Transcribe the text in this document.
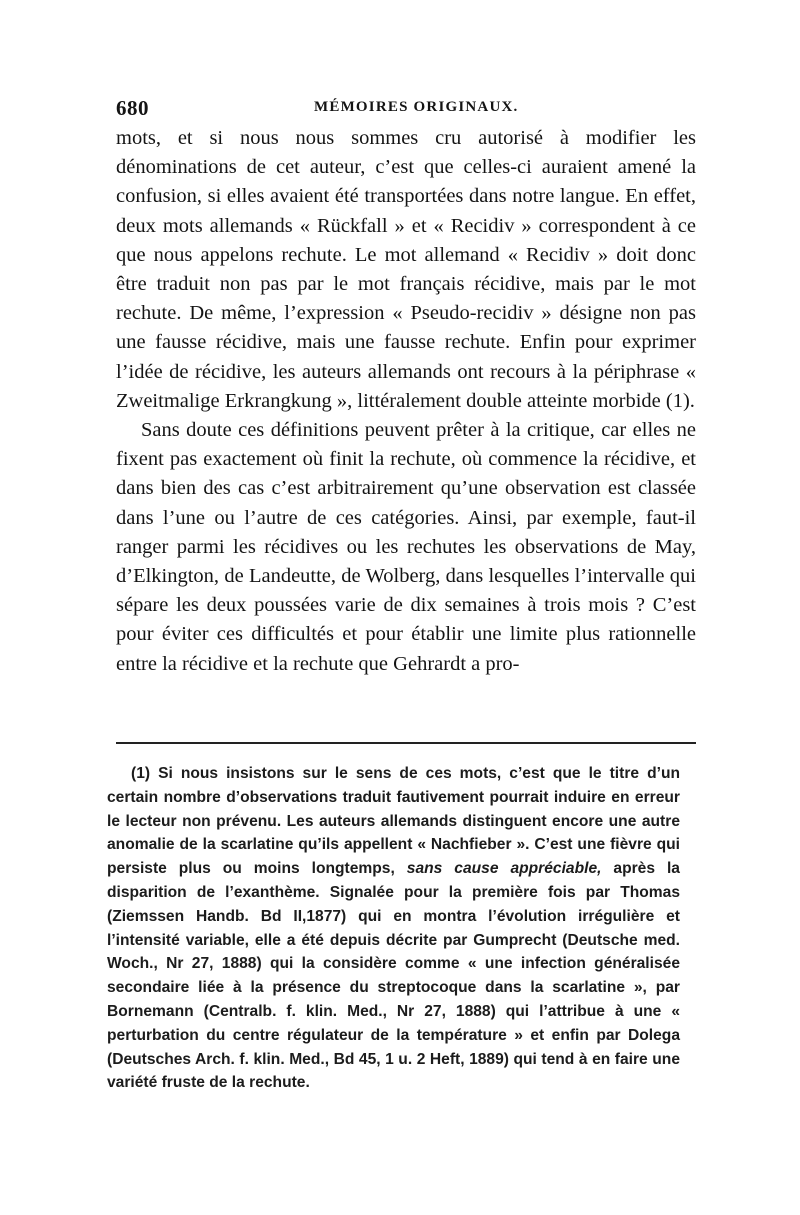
680	MÉMOIRES ORIGINAUX.

mots, et si nous nous sommes cru autorisé à modifier les dénominations de cet auteur, c’est que celles-ci auraient amené la confusion, si elles avaient été transportées dans notre langue. En effet, deux mots allemands « Rückfall » et « Recidiv » correspondent à ce que nous appelons rechute. Le mot allemand « Recidiv » doit donc être traduit non pas par le mot français récidive, mais par le mot rechute. De même, l’expression « Pseudo-recidiv » désigne non pas une fausse récidive, mais une fausse rechute. Enfin pour exprimer l’idée de récidive, les auteurs allemands ont recours à la périphrase « Zweitmalige Erkrangkung », littéralement double atteinte morbide (1).

Sans doute ces définitions peuvent prêter à la critique, car elles ne fixent pas exactement où finit la rechute, où commence la récidive, et dans bien des cas c’est arbitrairement qu’une observation est classée dans l’une ou l’autre de ces catégories. Ainsi, par exemple, faut-il ranger parmi les récidives ou les rechutes les observations de May, d’Elkington, de Landeutte, de Wolberg, dans lesquelles l’intervalle qui sépare les deux poussées varie de dix semaines à trois mois ? C’est pour éviter ces difficultés et pour établir une limite plus rationnelle entre la récidive et la rechute que Gehrardt a pro-

(1) Si nous insistons sur le sens de ces mots, c’est que le titre d’un certain nombre d’observations traduit fautivement pourrait induire en erreur le lecteur non prévenu. Les auteurs allemands distinguent encore une autre anomalie de la scarlatine qu’ils appellent « Nachfieber ». C’est une fièvre qui persiste plus ou moins longtemps, sans cause appréciable, après la disparition de l’exanthème. Signalée pour la première fois par Thomas (Ziemssen Handb. Bd II,1877) qui en montra l’évolution irrégulière et l’intensité variable, elle a été depuis décrite par Gumprecht (Deutsche med. Woch., Nr 27, 1888) qui la considère comme « une infection généralisée secondaire liée à la présence du streptocoque dans la scarlatine », par Bornemann (Centralb. f. klin. Med., Nr 27, 1888) qui l’attribue à une « perturbation du centre régulateur de la température » et enfin par Dolega (Deutsches Arch. f. klin. Med., Bd 45, 1 u. 2 Heft, 1889) qui tend à en faire une variété fruste de la rechute.
